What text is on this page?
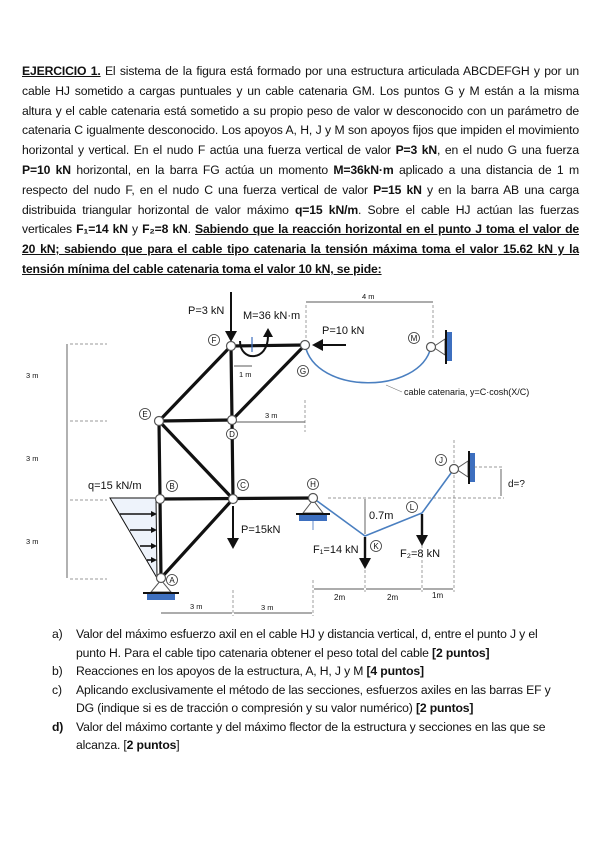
EJERCICIO 1. El sistema de la figura está formado por una estructura articulada ABCDEFGH y por un cable HJ sometido a cargas puntuales y un cable catenaria GM. Los puntos G y M están a la misma altura y el cable catenaria está sometido a su propio peso de valor w desconocido con un parámetro de catenaria C igualmente desconocido. Los apoyos A, H, J y M son apoyos fijos que impiden el movimiento horizontal y vertical. En el nudo F actúa una fuerza vertical de valor P=3 kN, en el nudo G una fuerza P=10 kN horizontal, en la barra FG actúa un momento M=36kN·m aplicado a una distancia de 1 m respecto del nudo F, en el nudo C una fuerza vertical de valor P=15 kN y en la barra AB una carga distribuida triangular horizontal de valor máximo q=15 kN/m. Sobre el cable HJ actúan las fuerzas verticales F₁=14 kN y F₂=8 kN. Sabiendo que la reacción horizontal en el punto J toma el valor de 20 kN; sabiendo que para el cable tipo catenaria la tensión máxima toma el valor 15.62 kN y la tensión mínima del cable catenaria toma el valor 10 kN, se pide:
3 m
3 m
3 m
cable catenaria, y=C·cosh(X/C)
4 m
1 m
3 m
P=3 kN M=36 kN·m
P=10 kN
q=15 kN/m
P=15kN
d=?
0.7m
2m	2m	1m
3 m	3 m
F₁=14 kN	F₂=8 kN
F
G
E
D
B	C	H
M
J
K
L
A
a) Valor del máximo esfuerzo axil en el cable HJ y distancia vertical, d, entre el punto J y el punto H. Para el cable tipo catenaria obtener el peso total del cable [2 puntos]
b) Reacciones en los apoyos de la estructura, A, H, J y M [4 puntos]
c) Aplicando exclusivamente el método de las secciones, esfuerzos axiles en las barras EF y DG (indique si es de tracción o compresión y su valor numérico) [2 puntos]
d) Valor del máximo cortante y del máximo flector de la estructura y secciones en las que se alcanza. [2 puntos]
